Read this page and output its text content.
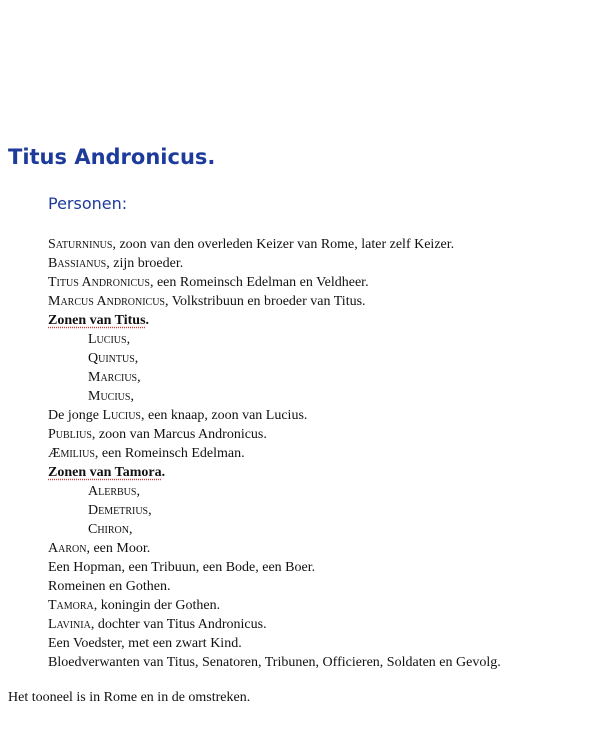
Titus Andronicus.
Personen:
Saturninus, zoon van den overleden Keizer van Rome, later zelf Keizer.
Bassianus, zijn broeder.
Titus Andronicus, een Romeinsch Edelman en Veldheer.
Marcus Andronicus, Volkstribuun en broeder van Titus.
Zonen van Titus.
Lucius,
Quintus,
Marcius,
Mucius,
De jonge Lucius, een knaap, zoon van Lucius.
Publius, zoon van Marcus Andronicus.
Æmilius, een Romeinsch Edelman.
Zonen van Tamora.
Alerbus,
Demetrius,
Chiron,
Aaron, een Moor.
Een Hopman, een Tribuun, een Bode, een Boer.
Romeinen en Gothen.
Tamora, koningin der Gothen.
Lavinia, dochter van Titus Andronicus.
Een Voedster, met een zwart Kind.
Bloedverwanten van Titus, Senatoren, Tribunen, Officieren, Soldaten en Gevolg.

Het tooneel is in Rome en in de omstreken.
